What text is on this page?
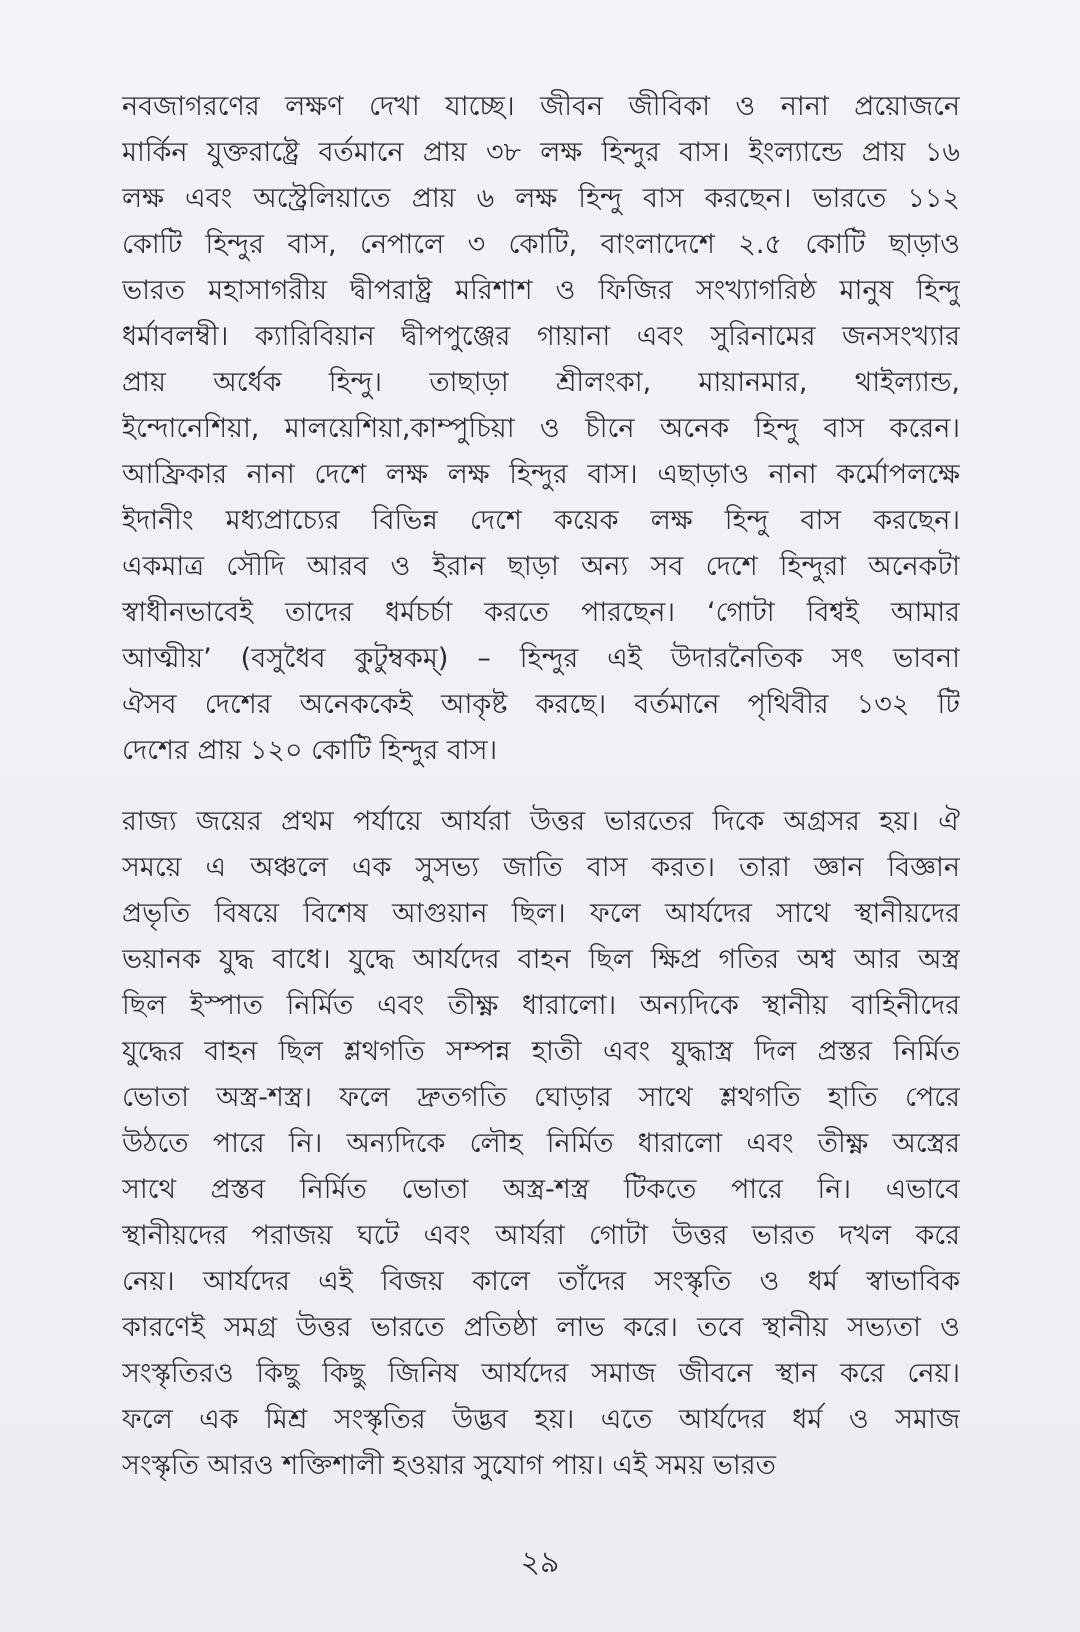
নবজাগরণের লক্ষণ দেখা যাচ্ছে। জীবন জীবিকা ও নানা প্রয়োজনে
মার্কিন যুক্তরাষ্ট্রে বর্তমানে প্রায় ৩৮ লক্ষ হিন্দুর বাস। ইংল্যান্ডে প্রায় ১৬
লক্ষ এবং অস্ট্রেলিয়াতে প্রায় ৬ লক্ষ হিন্দু বাস করছেন। ভারতে ১১২
কোটি হিন্দুর বাস, নেপালে ৩ কোটি, বাংলাদেশে ২.৫ কোটি ছাড়াও
ভারত মহাসাগরীয় দ্বীপরাষ্ট্র মরিশাশ ও ফিজির সংখ্যাগরিষ্ঠ মানুষ হিন্দু
ধর্মাবলম্বী। ক্যারিবিয়ান দ্বীপপুঞ্জের গায়ানা এবং সুরিনামের জনসংখ্যার
প্রায় অর্ধেক হিন্দু। তাছাড়া শ্রীলংকা, মায়ানমার, থাইল্যান্ড,
ইন্দোনেশিয়া, মালয়েশিয়া,কাম্পুচিয়া ও চীনে অনেক হিন্দু বাস করেন।
আফ্রিকার নানা দেশে লক্ষ লক্ষ হিন্দুর বাস। এছাড়াও নানা কর্মোপলক্ষে
ইদানীং মধ্যপ্রাচ্যের বিভিন্ন দেশে কয়েক লক্ষ হিন্দু বাস করছেন।
একমাত্র সৌদি আরব ও ইরান ছাড়া অন্য সব দেশে হিন্দুরা অনেকটা
স্বাধীনভাবেই তাদের ধর্মচর্চা করতে পারছেন। ‘গোটা বিশ্বই আমার
আত্মীয়’ (বসুধৈব কুটুম্বকম্) – হিন্দুর এই উদারনৈতিক সৎ ভাবনা
ঐসব দেশের অনেককেই আকৃষ্ট করছে। বর্তমানে পৃথিবীর ১৩২ টি
দেশের প্রায় ১২০ কোটি হিন্দুর বাস।
রাজ্য জয়ের প্রথম পর্যায়ে আর্যরা উত্তর ভারতের দিকে অগ্রসর হয়। ঐ
সময়ে এ অঞ্চলে এক সুসভ্য জাতি বাস করত। তারা জ্ঞান বিজ্ঞান
প্রভৃতি বিষয়ে বিশেষ আগুয়ান ছিল। ফলে আর্যদের সাথে স্থানীয়দের
ভয়ানক যুদ্ধ বাধে। যুদ্ধে আর্যদের বাহন ছিল ক্ষিপ্র গতির অশ্ব আর অস্ত্র
ছিল ইস্পাত নির্মিত এবং তীক্ষ্ণ ধারালো। অন্যদিকে স্থানীয় বাহিনীদের
যুদ্ধের বাহন ছিল শ্লথগতি সম্পন্ন হাতী এবং যুদ্ধাস্ত্র দিল প্রস্তর নির্মিত
ভোতা অস্ত্র-শস্ত্র। ফলে দ্রুতগতি ঘোড়ার সাথে শ্লথগতি হাতি পেরে
উঠতে পারে নি। অন্যদিকে লৌহ নির্মিত ধারালো এবং তীক্ষ্ণ অস্ত্রের
সাথে প্রস্তব নির্মিত ভোতা অস্ত্র-শস্ত্র টিকতে পারে নি। এভাবে
স্থানীয়দের পরাজয় ঘটে এবং আর্যরা গোটা উত্তর ভারত দখল করে
নেয়। আর্যদের এই বিজয় কালে তাঁদের সংস্কৃতি ও ধর্ম স্বাভাবিক
কারণেই সমগ্র উত্তর ভারতে প্রতিষ্ঠা লাভ করে। তবে স্থানীয় সভ্যতা ও
সংস্কৃতিরও কিছু কিছু জিনিষ আর্যদের সমাজ জীবনে স্থান করে নেয়।
ফলে এক মিশ্র সংস্কৃতির উদ্ভব হয়। এতে আর্যদের ধর্ম ও সমাজ
সংস্কৃতি আরও শক্তিশালী হওয়ার সুযোগ পায়। এই সময় ভারত
২৯
